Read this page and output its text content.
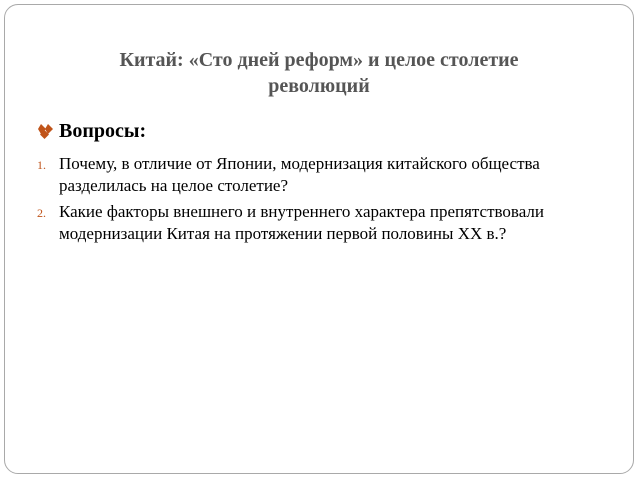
Китай: «Сто дней реформ» и целое столетие
революций
Вопросы:
1. Почему, в отличие от Японии, модернизация китайского общества разделилась на целое столетие?
2. Какие факторы внешнего и внутреннего характера препятствовали модернизации Китая на протяжении первой половины XX в.?
